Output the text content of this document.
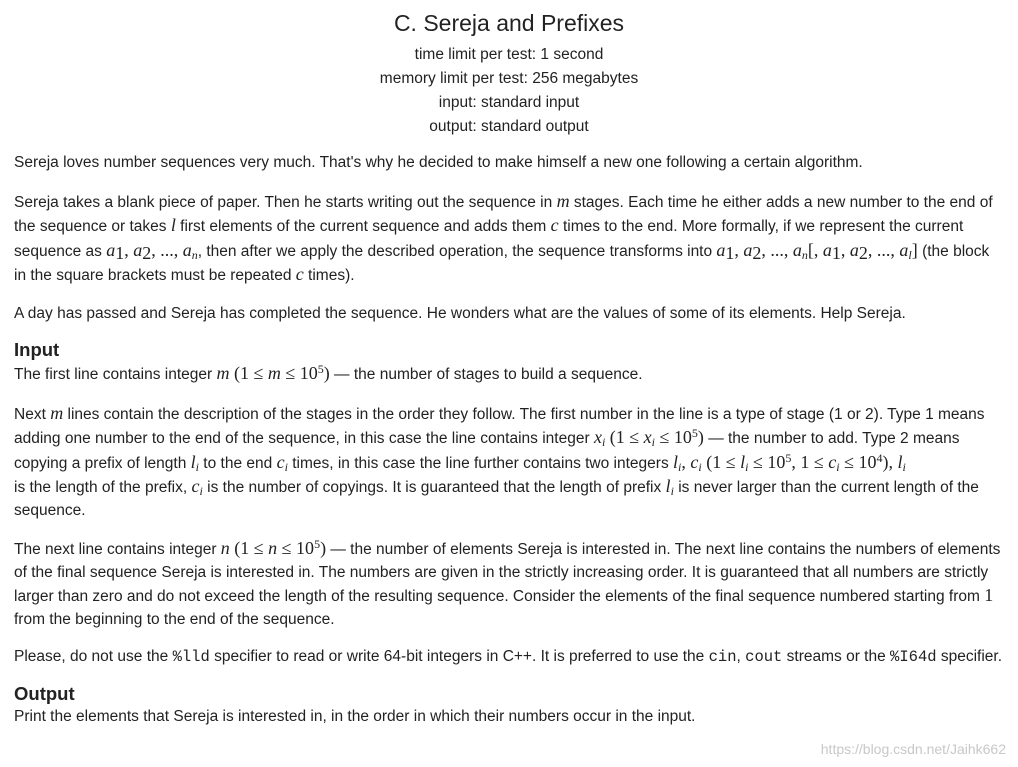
C. Sereja and Prefixes
time limit per test: 1 second
memory limit per test: 256 megabytes
input: standard input
output: standard output

Sereja loves number sequences very much. That's why he decided to make himself a new one following a certain algorithm.

Sereja takes a blank piece of paper. Then he starts writing out the sequence in m stages. Each time he either adds a new number to the end of the sequence or takes l first elements of the current sequence and adds them c times to the end. More formally, if we represent the current sequence as $a_1$, $a_2$, ..., $a_n$, then after we apply the described operation, the sequence transforms into $a_1$, $a_2$, ..., $a_n$[, $a_1$, $a_2$, ..., $a_l$] (the block in the square brackets must be repeated c times).

A day has passed and Sereja has completed the sequence. He wonders what are the values of some of its elements. Help Sereja.

Input

The first line contains integer m $(1 \le m \le 10^5)$ — the number of stages to build a sequence.

Next m lines contain the description of the stages in the order they follow. The first number in the line is a type of stage (1 or 2). Type 1 means adding one number to the end of the sequence, in this case the line contains integer $x_i$ $(1 \le x_i \le 10^5)$ — the number to add. Type 2 means copying a prefix of length $l_i$ to the end $c_i$ times, in this case the line further contains two integers $l_i$, $c_i$ ($1 \le l_i \le 10^5$, $1 \le c_i \le 10^4$), $l_i$
is the length of the prefix, $c_i$ is the number of copyings. It is guaranteed that the length of prefix $l_i$ is never larger than the current length of the sequence.

The next line contains integer n $(1 \le n \le 10^5)$ — the number of elements Sereja is interested in. The next line contains the numbers of elements of the final sequence Sereja is interested in. The numbers are given in the strictly increasing order. It is guaranteed that all numbers are strictly larger than zero and do not exceed the length of the resulting sequence. Consider the elements of the final sequence numbered starting from 1 from the beginning to the end of the sequence.

Please, do not use the %lld specifier to read or write 64-bit integers in C++. It is preferred to use the cin, cout streams or the %I64d specifier.

Output

Print the elements that Sereja is interested in, in the order in which their numbers occur in the input.

https://blog.csdn.net/Jaihk662
